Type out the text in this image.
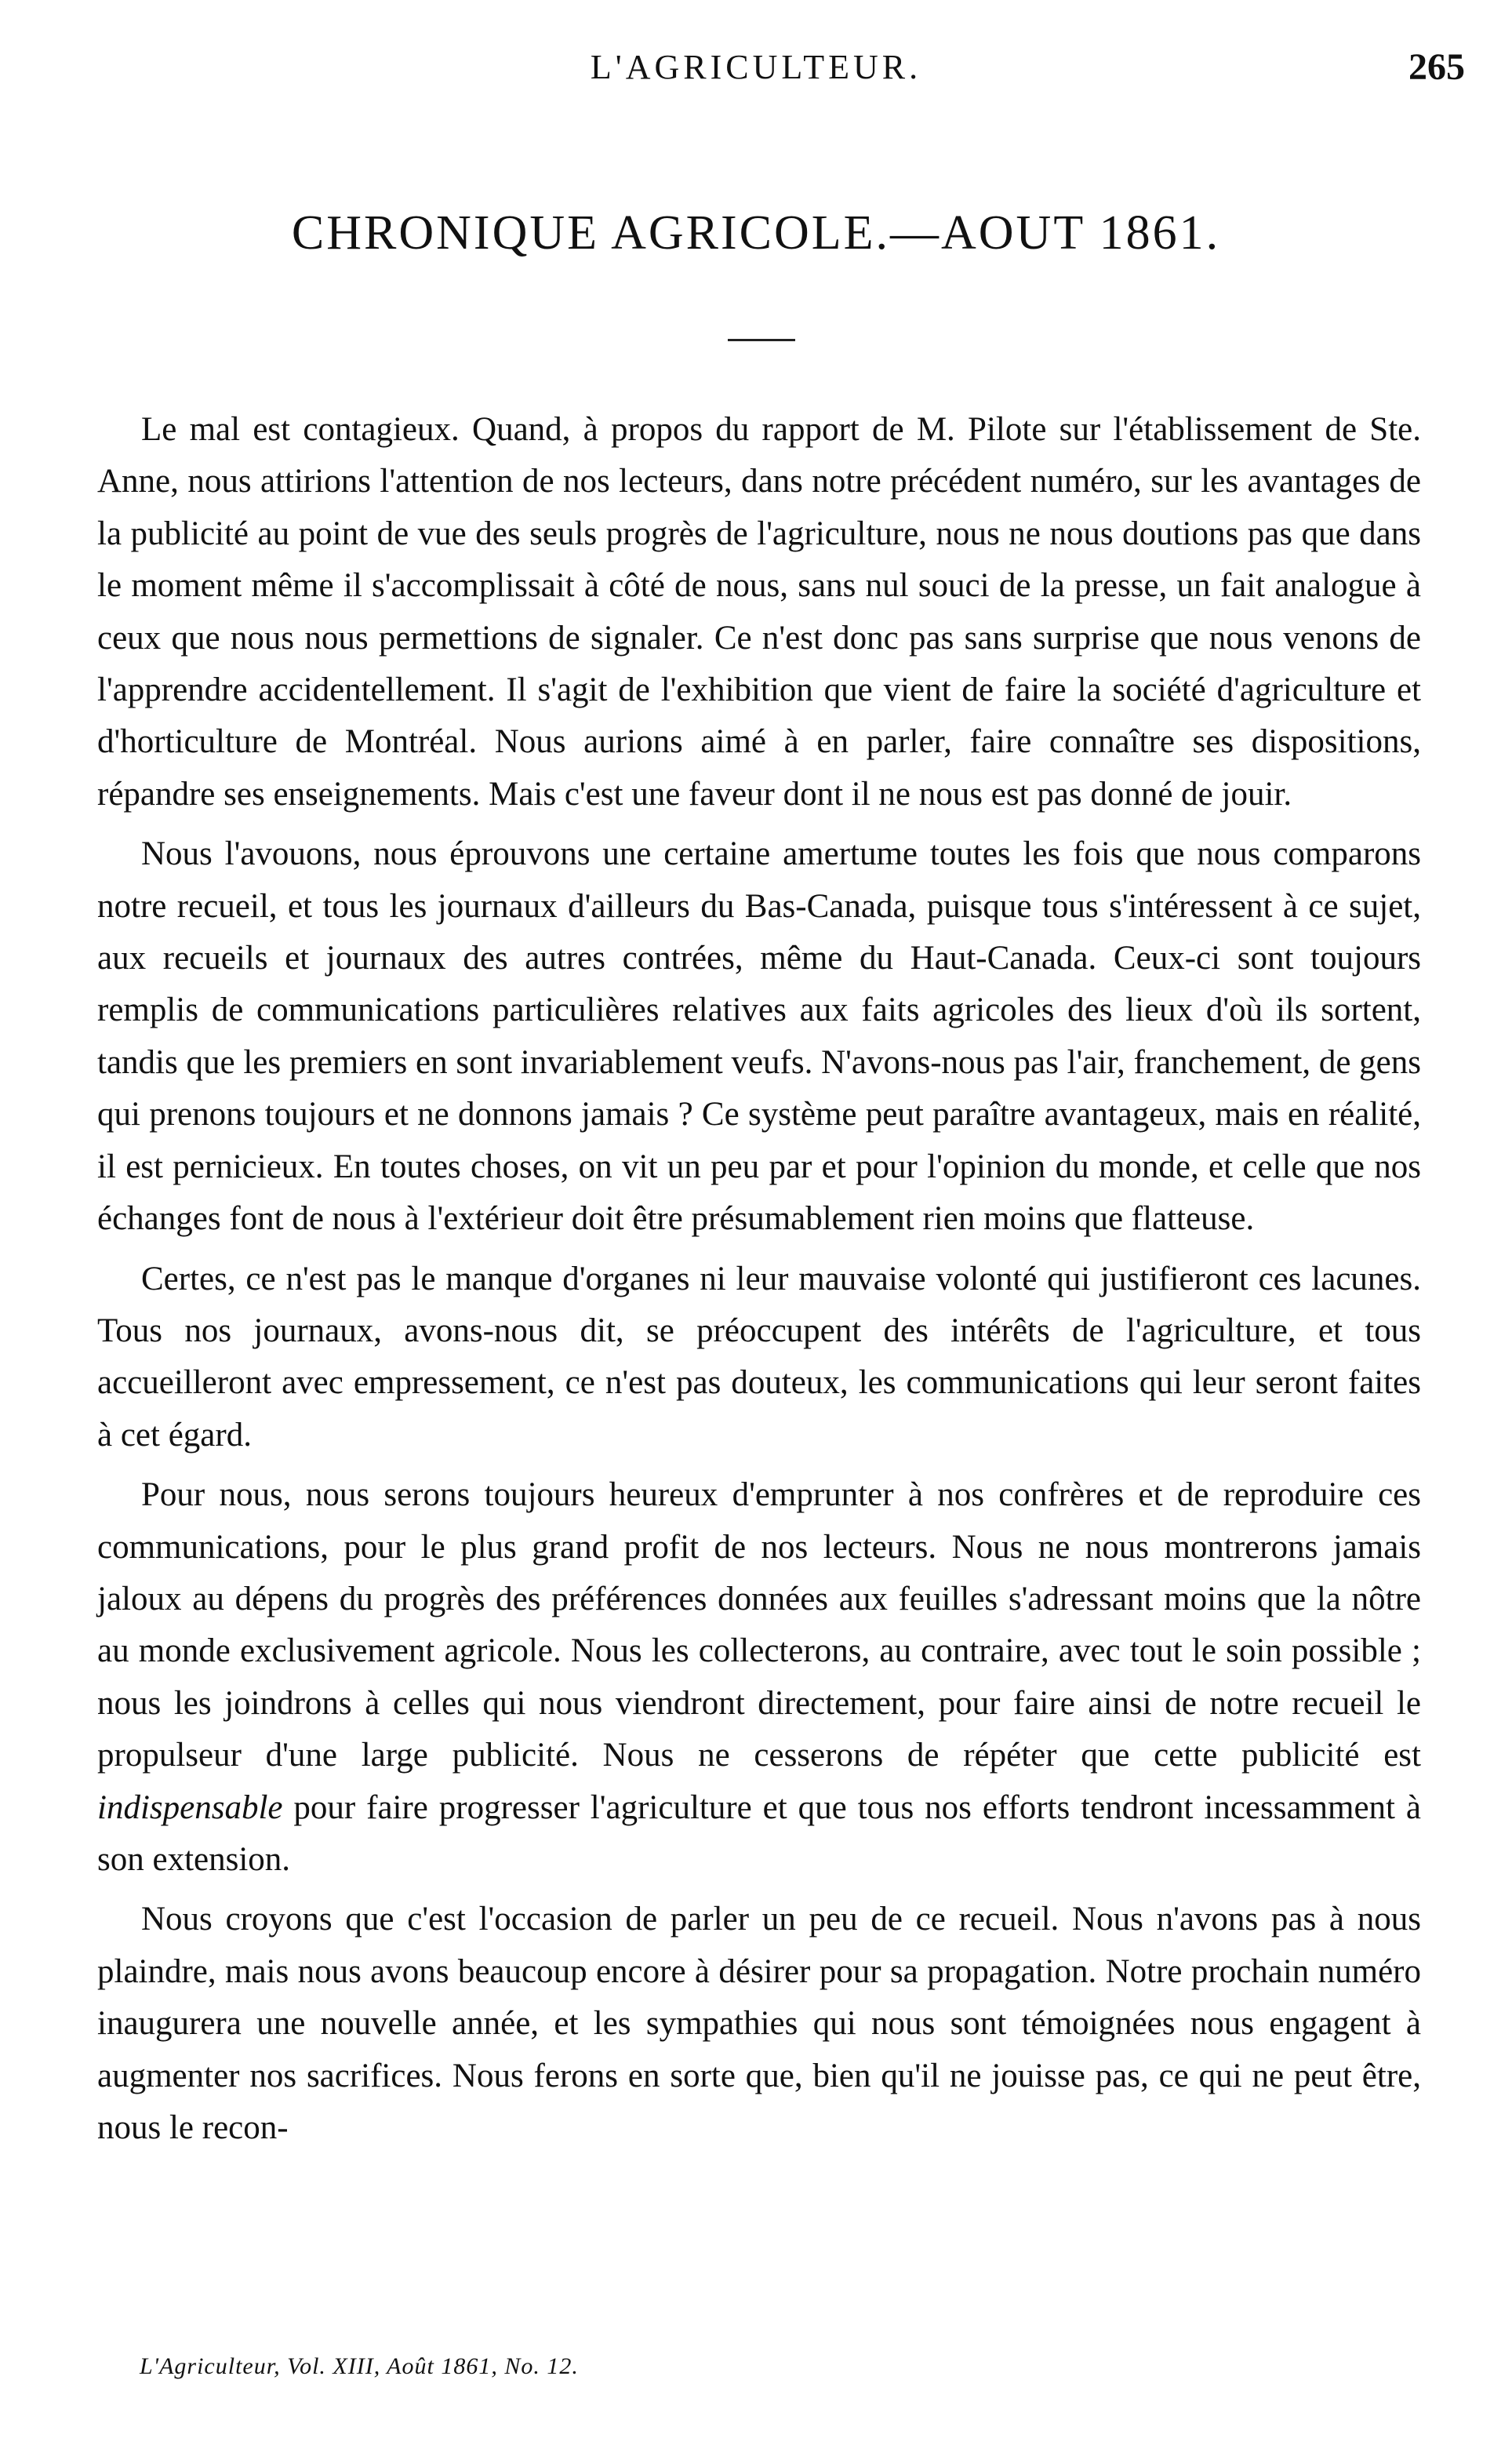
L'AGRICULTEUR.	265
CHRONIQUE AGRICOLE.—AOUT 1861.

Le mal est contagieux. Quand, à propos du rapport de M. Pilote sur l'établissement de Ste. Anne, nous attirions l'attention de nos lecteurs, dans notre précédent numéro, sur les avantages de la publicité au point de vue des seuls progrès de l'agriculture, nous ne nous doutions pas que dans le moment même il s'accomplissait à côté de nous, sans nul souci de la presse, un fait analogue à ceux que nous nous permettions de signaler. Ce n'est donc pas sans surprise que nous venons de l'apprendre accidentellement. Il s'agit de l'exhibition que vient de faire la société d'agriculture et d'horticulture de Montréal. Nous aurions aimé à en parler, faire connaître ses dispositions, répandre ses enseignements. Mais c'est une faveur dont il ne nous est pas donné de jouir.

Nous l'avouons, nous éprouvons une certaine amertume toutes les fois que nous comparons notre recueil, et tous les journaux d'ailleurs du Bas-Canada, puisque tous s'intéressent à ce sujet, aux recueils et journaux des autres contrées, même du Haut-Canada. Ceux-ci sont toujours remplis de communications particulières relatives aux faits agricoles des lieux d'où ils sortent, tandis que les premiers en sont invariablement veufs. N'avons-nous pas l'air, franchement, de gens qui prenons toujours et ne donnons jamais ? Ce système peut paraître avantageux, mais en réalité, il est pernicieux. En toutes choses, on vit un peu par et pour l'opinion du monde, et celle que nos échanges font de nous à l'extérieur doit être présumablement rien moins que flatteuse.

Certes, ce n'est pas le manque d'organes ni leur mauvaise volonté qui justifieront ces lacunes. Tous nos journaux, avons-nous dit, se préoccupent des intérêts de l'agriculture, et tous accueilleront avec empressement, ce n'est pas douteux, les communications qui leur seront faites à cet égard.

Pour nous, nous serons toujours heureux d'emprunter à nos confrères et de reproduire ces communications, pour le plus grand profit de nos lecteurs. Nous ne nous montrerons jamais jaloux au dépens du progrès des préférences données aux feuilles s'adressant moins que la nôtre au monde exclusivement agricole. Nous les collecterons, au contraire, avec tout le soin possible ; nous les joindrons à celles qui nous viendront directement, pour faire ainsi de notre recueil le propulseur d'une large publicité. Nous ne cesserons de répéter que cette publicité est indispensable pour faire progresser l'agriculture et que tous nos efforts tendront incessamment à son extension.

Nous croyons que c'est l'occasion de parler un peu de ce recueil. Nous n'avons pas à nous plaindre, mais nous avons beaucoup encore à désirer pour sa propagation. Notre prochain numéro inaugurera une nouvelle année, et les sympathies qui nous sont témoignées nous engagent à augmenter nos sacrifices. Nous ferons en sorte que, bien qu'il ne jouisse pas, ce qui ne peut être, nous le recon-

L'Agriculteur, Vol. XIII, Août 1861, No. 12.
